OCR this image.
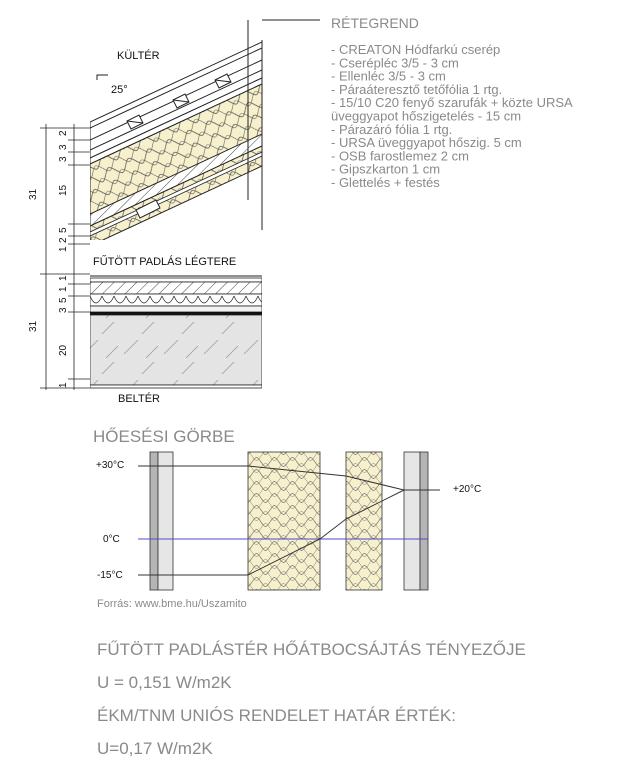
KÜLTÉR
25°
FŰTÖTT PADLÁS LÉGTERE
BELTÉR
2
3
3
15
5
2
1
31
1
1
5
3
20
1
31
RÉTEGREND
- CREATON Hódfarkú cserép
- Cserépléc 3/5 - 3 cm
- Ellenléc 3/5 - 3 cm
- Páraáteresztő tetőfólia 1 rtg.
- 15/10 C20 fenyő szarufák + közte URSA
üveggyapot hőszigetelés - 15 cm
- Párazáró fólia 1 rtg.
- URSA üveggyapot hőszig. 5 cm
- OSB farostlemez 2 cm
- Gipszkarton 1 cm
- Glettelés + festés
HŐESÉSI GÖRBE
+30°C
0°C
-15°C
+20°C
Forrás: www.bme.hu/Uszamito
FŰTÖTT PADLÁSTÉR HŐÁTBOCSÁJTÁS TÉNYEZŐJE
U = 0,151 W/m2K
ÉKM/TNM UNIÓS RENDELET HATÁR ÉRTÉK:
U=0,17 W/m2K
